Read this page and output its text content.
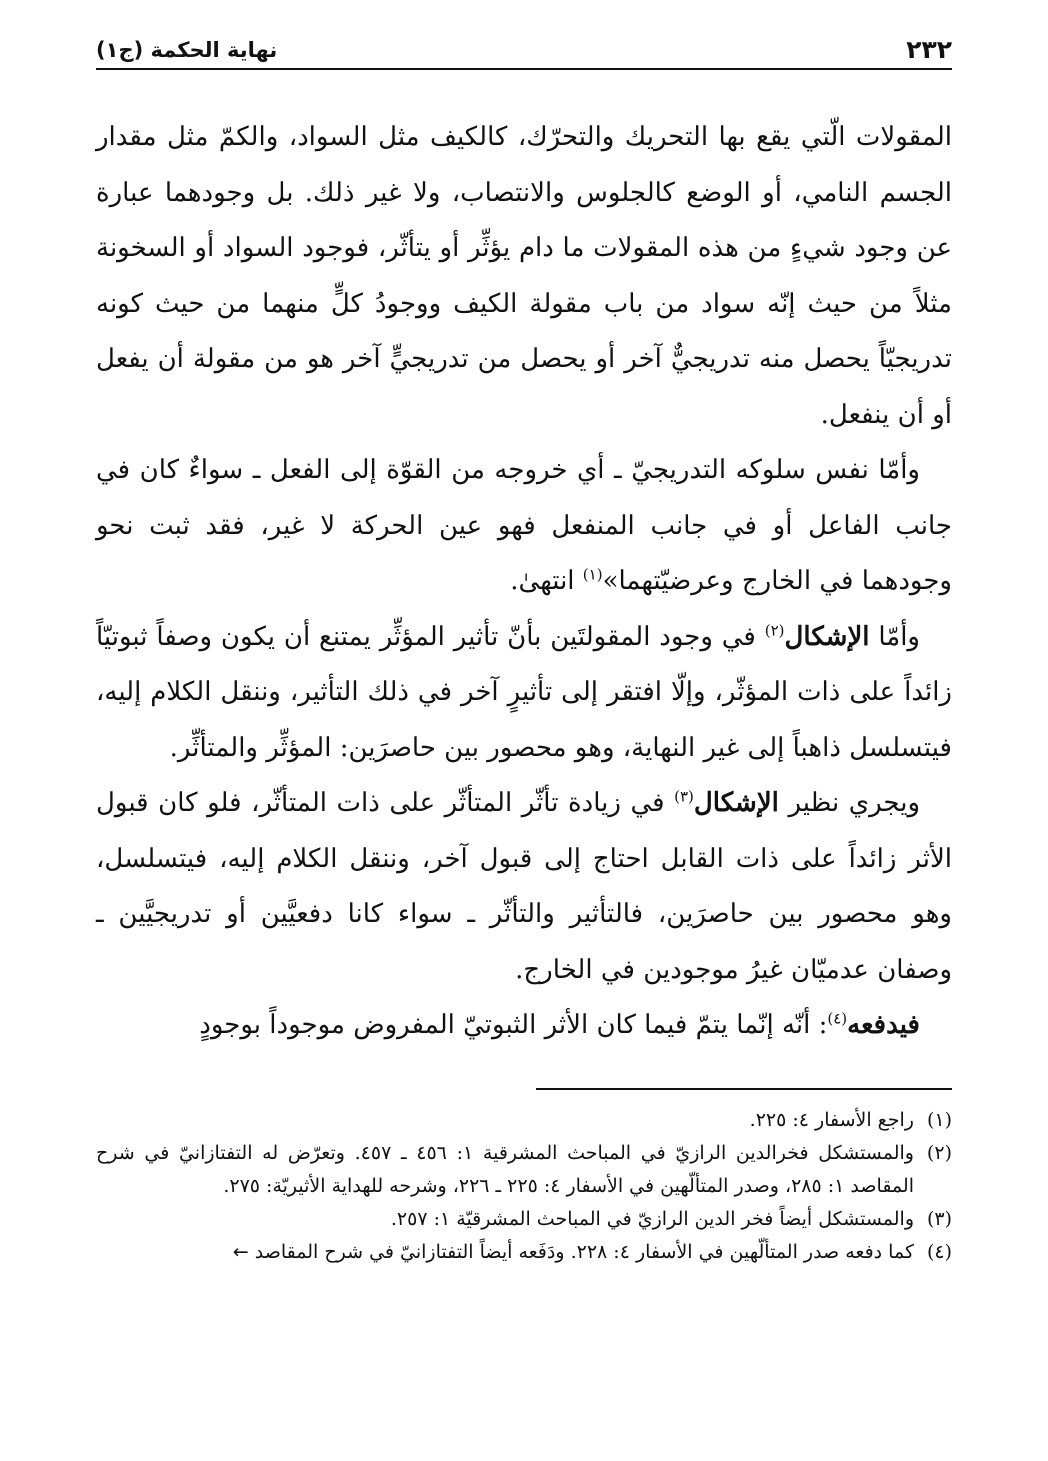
٢٣٢
نهاية الحكمة (ج١)

المقولات الّتي يقع بها التحريك والتحرّك، كالكيف مثل السواد، والكمّ مثل مقدار الجسم النامي، أو الوضع كالجلوس والانتصاب، ولا غير ذلك. بل وجودهما عبارة عن وجود شيءٍ من هذه المقولات ما دام يؤثِّر أو يتأثّر، فوجود السواد أو السخونة مثلاً من حيث إنّه سواد من باب مقولة الكيف ووجودُ كلٍّ منهما من حيث كونه تدريجيّاً يحصل منه تدريجيٌّ آخر أو يحصل من تدريجيٍّ آخر هو من مقولة أن يفعل أو أن ينفعل.

وأمّا نفس سلوكه التدريجيّ ـ أي خروجه من القوّة إلى الفعل ـ سواءٌ كان في جانب الفاعل أو في جانب المنفعل فهو عين الحركة لا غير، فقد ثبت نحو وجودهما في الخارج وعرضيّتهما»$^{(١)}$ انتهىٰ.

وأمّا الإشكال$^{(٢)}$ في وجود المقولتَين بأنّ تأثير المؤثِّر يمتنع أن يكون وصفاً ثبوتيّاً زائداً على ذات المؤثّر، وإلّا افتقر إلى تأثيرٍ آخر في ذلك التأثير، وننقل الكلام إليه، فيتسلسل ذاهباً إلى غير النهاية، وهو محصور بين حاصرَين: المؤثِّر والمتأثِّر.

ويجري نظير الإشكال$^{(٣)}$ في زيادة تأثّر المتأثّر على ذات المتأثّر، فلو كان قبول الأثر زائداً على ذات القابل احتاج إلى قبول آخر، وننقل الكلام إليه، فيتسلسل، وهو محصور بين حاصرَين، فالتأثير والتأثّر ـ سواء كانا دفعيَّين أو تدريجيَّين ـ وصفان عدميّان غيرُ موجودين في الخارج.

فيدفعه$^{(٤)}$: أنّه إنّما يتمّ فيما كان الأثر الثبوتيّ المفروض موجوداً بوجودٍ

(١)راجع الأسفار ٤: ٢٢٥.

(٢)والمستشكل فخرالدين الرازيّ في المباحث المشرقية ١: ٤٥٦ ـ ٤٥٧. وتعرّض له التفتازانيّ في شرح المقاصد ١: ٢٨٥، وصدر المتألّهين في الأسفار ٤: ٢٢٥ ـ ٢٢٦، وشرحه للهداية الأثيريّة: ٢٧٥.

(٣)والمستشكل أيضاً فخر الدين الرازيّ في المباحث المشرقيّة ١: ٢٥٧.

(٤)كما دفعه صدر المتألّهين في الأسفار ٤: ٢٢٨. ودَفَعه أيضاً التفتازانيّ في شرح المقاصد ←
